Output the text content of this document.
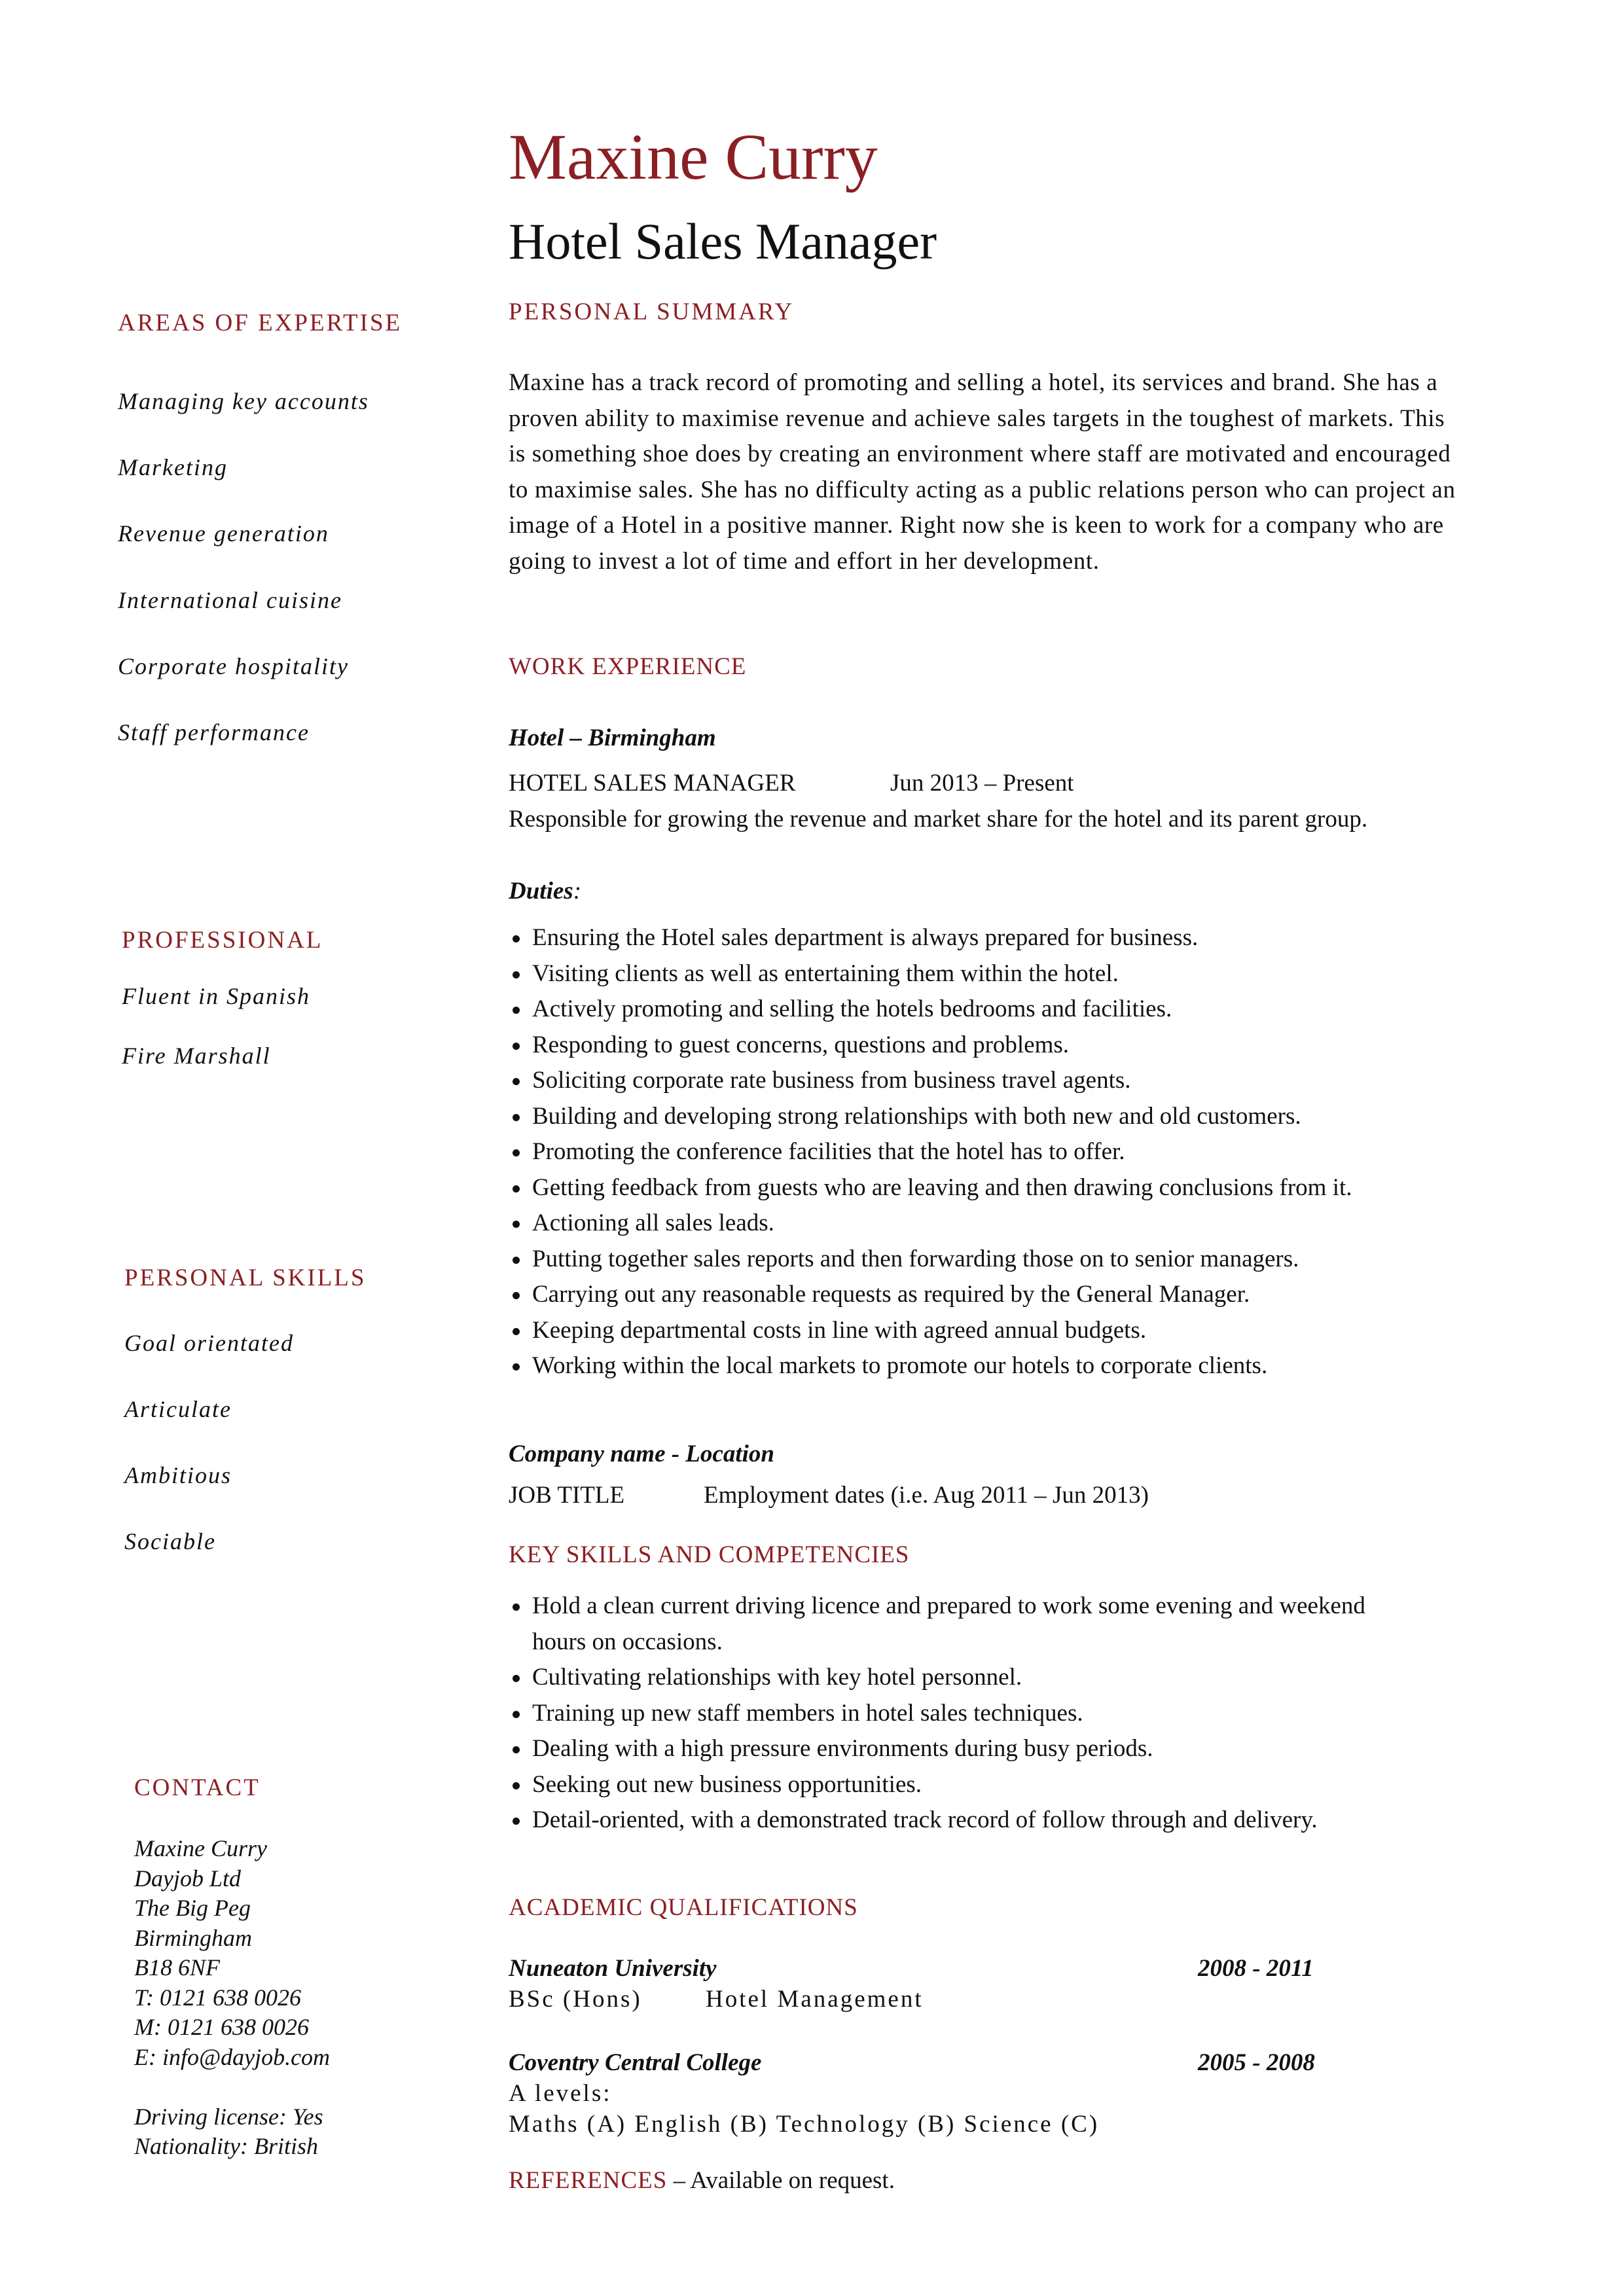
Maxine Curry
Hotel Sales Manager
AREAS OF EXPERTISE
Managing key accounts
Marketing
Revenue generation
International cuisine
Corporate hospitality
Staff performance
PROFESSIONAL
Fluent in Spanish
Fire Marshall
PERSONAL SKILLS
Goal orientated
Articulate
Ambitious
Sociable
CONTACT
Maxine Curry
Dayjob Ltd
The Big Peg
Birmingham
B18 6NF
T: 0121 638 0026
M: 0121 638 0026
E: info@dayjob.com
Driving license: Yes
Nationality: British
PERSONAL SUMMARY
Maxine has a track record of promoting and selling a hotel, its services and brand. She has a proven ability to maximise revenue and achieve sales targets in the toughest of markets. This is something shoe does by creating an environment where staff are motivated and encouraged to maximise sales. She has no difficulty acting as a public relations person who can project an image of a Hotel in a positive manner. Right now she is keen to work for a company who are going to invest a lot of time and effort in her development.
WORK EXPERIENCE
Hotel – Birmingham
HOTEL SALES MANAGER	Jun 2013 – Present
Responsible for growing the revenue and market share for the hotel and its parent group.
Duties:
Ensuring the Hotel sales department is always prepared for business.
Visiting clients as well as entertaining them within the hotel.
Actively promoting and selling the hotels bedrooms and facilities.
Responding to guest concerns, questions and problems.
Soliciting corporate rate business from business travel agents.
Building and developing strong relationships with both new and old customers.
Promoting the conference facilities that the hotel has to offer.
Getting feedback from guests who are leaving and then drawing conclusions from it.
Actioning all sales leads.
Putting together sales reports and then forwarding those on to senior managers.
Carrying out any reasonable requests as required by the General Manager.
Keeping departmental costs in line with agreed annual budgets.
Working within the local markets to promote our hotels to corporate clients.
Company name - Location
JOB TITLE	Employment dates (i.e. Aug 2011 – Jun 2013)
KEY SKILLS AND COMPETENCIES
Hold a clean current driving licence and prepared to work some evening and weekend hours on occasions.
Cultivating relationships with key hotel personnel.
Training up new staff members in hotel sales techniques.
Dealing with a high pressure environments during busy periods.
Seeking out new business opportunities.
Detail-oriented, with a demonstrated track record of follow through and delivery.
ACADEMIC QUALIFICATIONS
Nuneaton University	2008 - 2011
BSc (Hons)	Hotel Management
Coventry Central College	2005 - 2008
A levels:
Maths (A) English (B) Technology (B) Science (C)
REFERENCES – Available on request.
